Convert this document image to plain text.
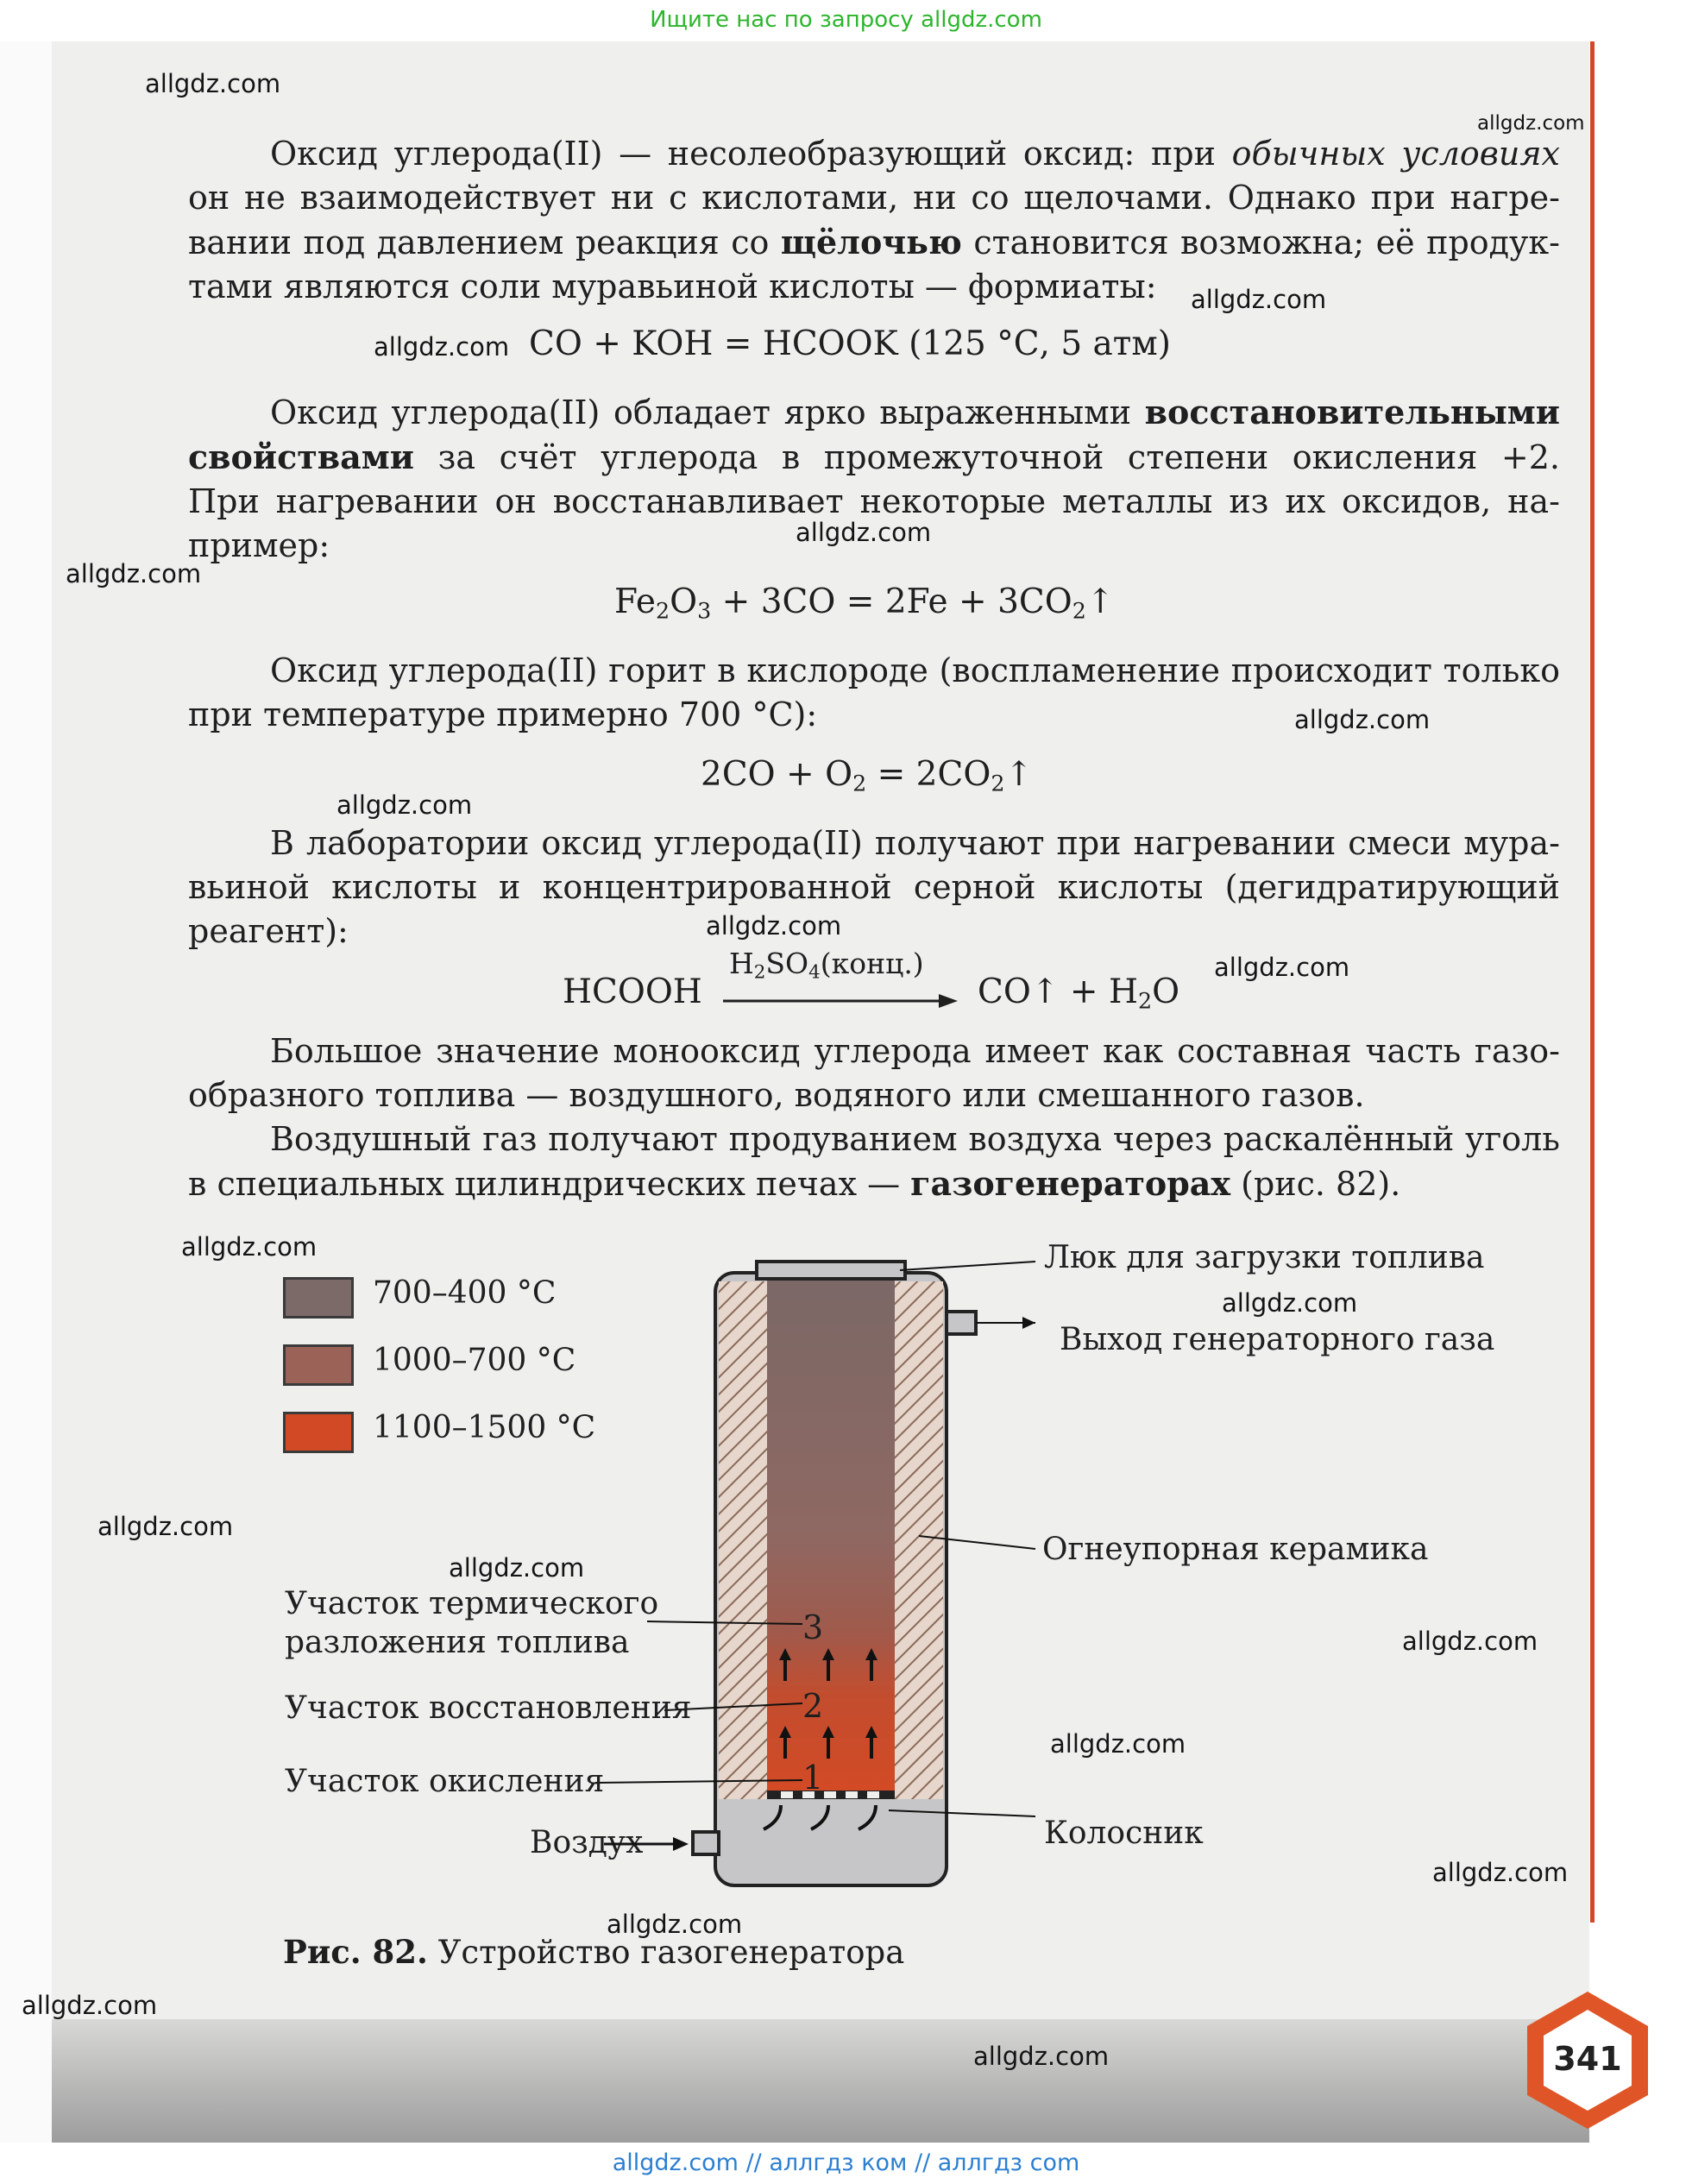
Ищите нас по запросу allgdz.com
Оксид углерода(II) — несолеобразующий оксид: при обычных условиях
он не взаимодействует ни с кислотами, ни со щелочами. Однако при нагре-
вании под давлением реакция со щёлочью становится возможна; её продук-
тами являются соли муравьиной кислоты — формиаты:
CO + KOH = HCOOK (125 °С, 5 атм)
Оксид углерода(II) обладает ярко выраженными восстановительными
свойствами за счёт углерода в промежуточной степени окисления +2.
При нагревании он восстанавливает некоторые металлы из их оксидов, на-
пример:
$Fe_2O_3 + 3CO = 2Fe$ + $3CO_2↑$
Оксид углерода(II) горит в кислороде (воспламенение происходит только
при температуре примерно 700 °С):
$2CO + O_2$ = $2CO_2↑$
В лаборатории оксид углерода(II) получают при нагревании смеси мура-
вьиной кислоты и концентрированной серной кислоты (дегидратирующий
реагент):
HCOOH
$H_2SO_4(конц.)$
CO↑ + $H_2O$
Большое значение монооксид углерода имеет как составная часть газо-
образного топлива — воздушного, водяного или смешанного газов.
Воздушный газ получают продуванием воздуха через раскалённый уголь
в специальных цилиндрических печах — газогенераторах (рис. 82).
700–400 °С
1000–700 °С
1100–1500 °С
3
2
1
Люк для загрузки топлива
Выход генераторного газа
Огнеупорная керамика
Участок термического
разложения топлива
Участок восстановления
Участок окисления
Воздух	Колосник
Рис. 82. Устройство газогенератора
341
allgdz.com
allgdz.com
allgdz.com
allgdz.com
allgdz.com
allgdz.com
allgdz.com
allgdz.com
allgdz.com
allgdz.com
allgdz.com
allgdz.com
allgdz.com
allgdz.com
allgdz.com
allgdz.com
allgdz.com
allgdz.com
allgdz.com
allgdz.com
allgdz.com // аллгдз ком // аллгдз com
